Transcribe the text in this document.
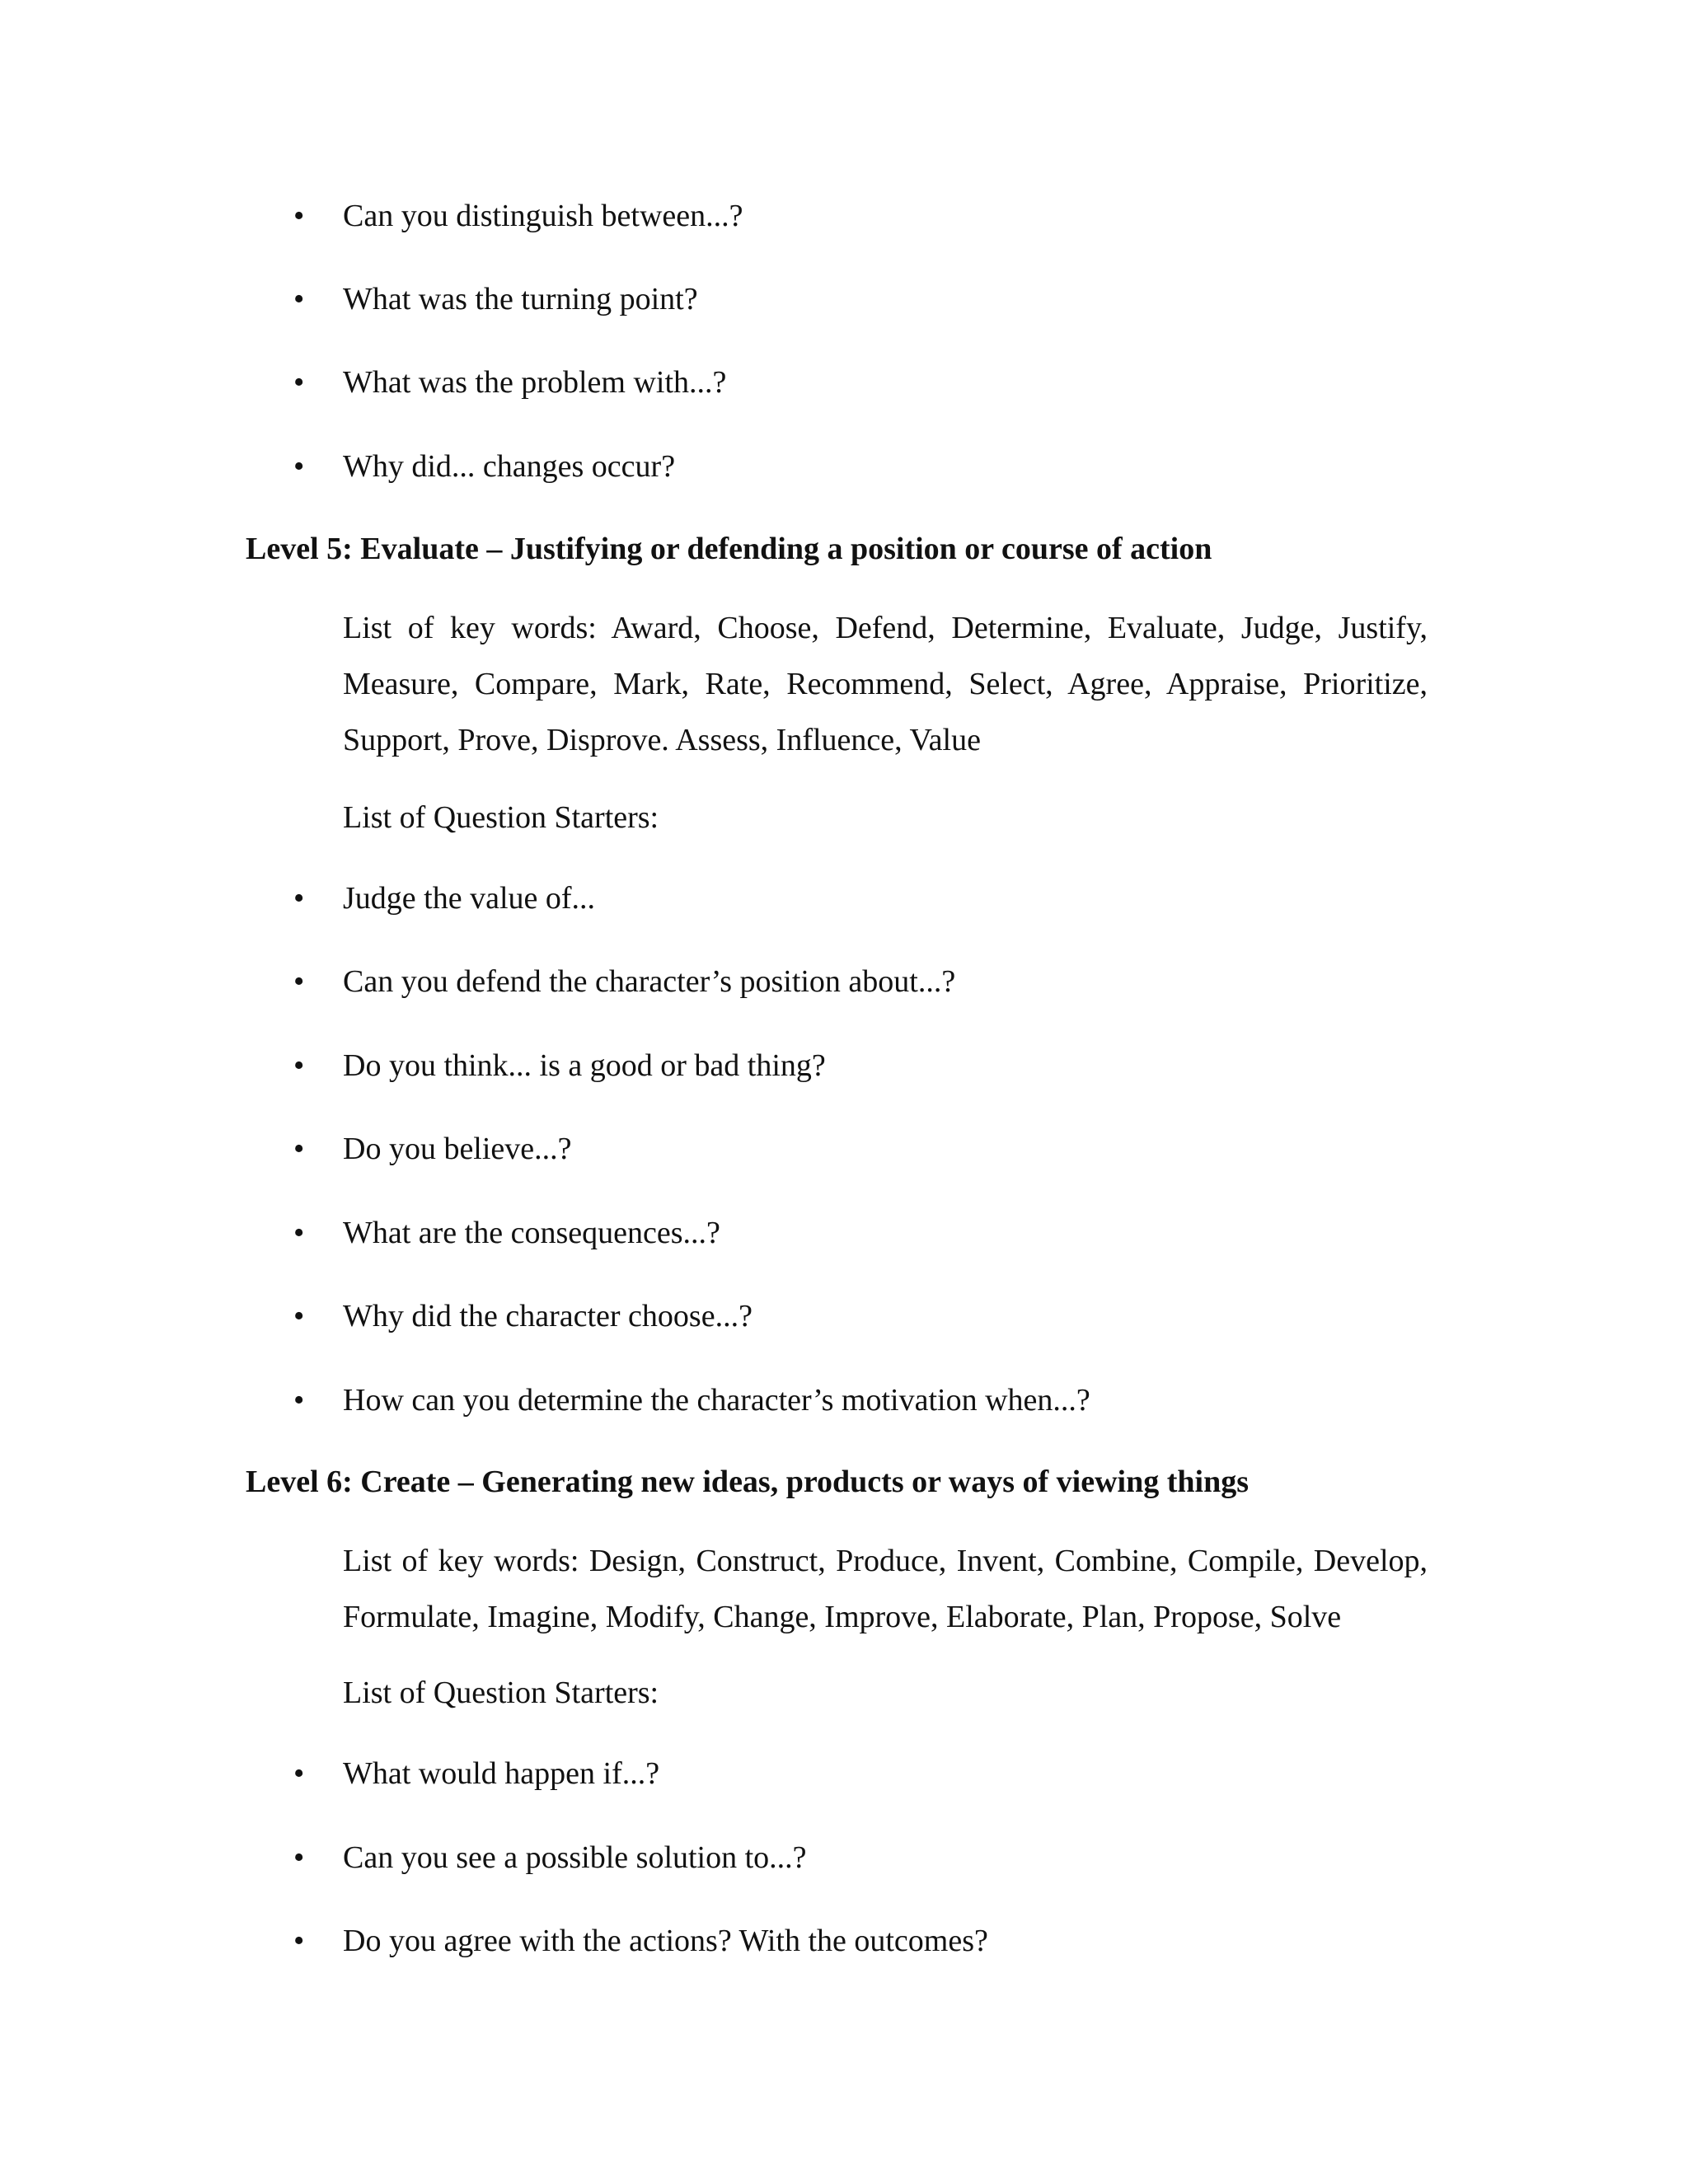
•	Can you distinguish between...?
•	What was the turning point?
•	What was the problem with...?
•	Why did... changes occur?
Level 5: Evaluate – Justifying or defending a position or course of action
List of key words: Award, Choose, Defend, Determine, Evaluate, Judge, Justify,
Measure, Compare, Mark, Rate, Recommend, Select, Agree, Appraise, Prioritize,
Support, Prove, Disprove. Assess, Influence, Value
List of Question Starters:
•	Judge the value of...
•	Can you defend the character’s position about...?
•	Do you think... is a good or bad thing?
•	Do you believe...?
•	What are the consequences...?
•	Why did the character choose...?
•	How can you determine the character’s motivation when...?
Level 6: Create – Generating new ideas, products or ways of viewing things
List of key words: Design, Construct, Produce, Invent, Combine, Compile, Develop,
Formulate, Imagine, Modify, Change, Improve, Elaborate, Plan, Propose, Solve
List of Question Starters:
•	What would happen if...?
•	Can you see a possible solution to...?
•	Do you agree with the actions? With the outcomes?
